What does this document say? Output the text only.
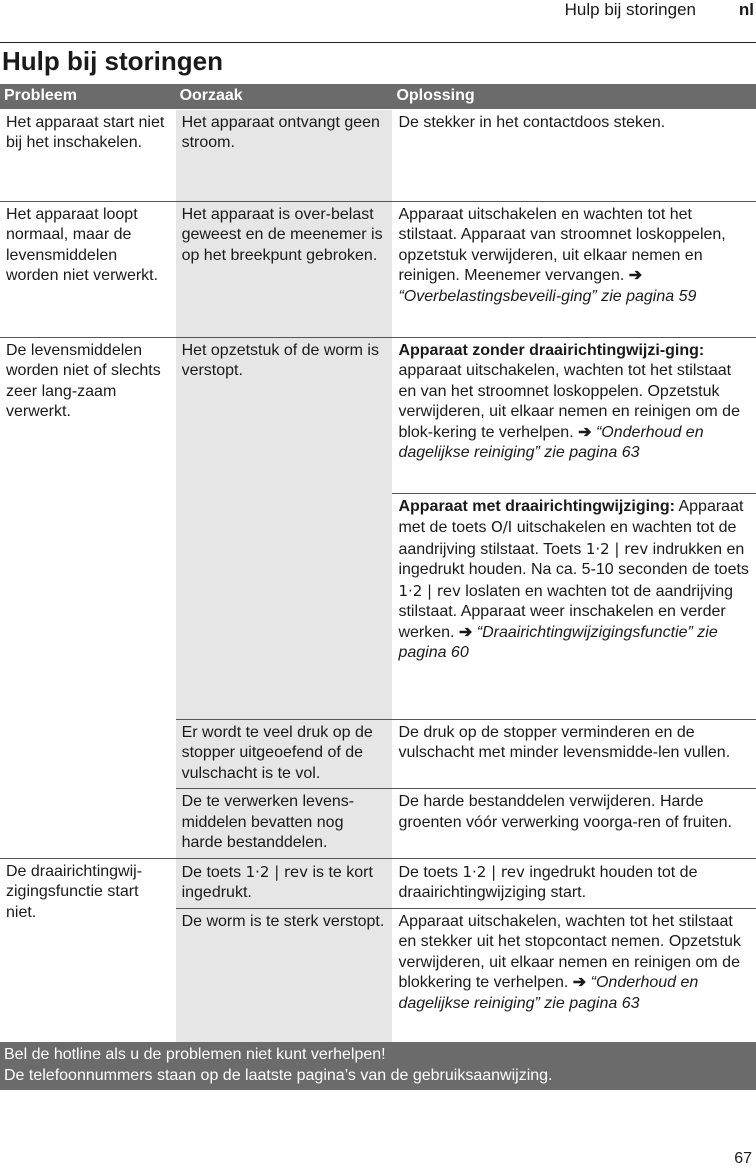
Hulp bij storingen	nl
Hulp bij storingen
Probleem	Oorzaak	Oplossing
Het apparaat start niet bij het inschakelen.	Het apparaat ontvangt geen stroom.	De stekker in het contactdoos steken.
Het apparaat loopt normaal, maar de levensmiddelen worden niet verwerkt.	Het apparaat is over-belast geweest en de meenemer is op het breekpunt gebroken.	Apparaat uitschakelen en wachten tot het stilstaat. Apparaat van stroomnet loskoppelen, opzetstuk verwijderen, uit elkaar nemen en reinigen. Meenemer vervangen. ➔ “Overbelastingsbeveili-ging” zie pagina 59
De levensmiddelen worden niet of slechts zeer lang-zaam verwerkt.	Het opzetstuk of de worm is verstopt.	Apparaat zonder draairichtingwijzi-ging: apparaat uitschakelen, wachten tot het stilstaat en van het stroomnet loskoppelen. Opzetstuk verwijderen, uit elkaar nemen en reinigen om de blok-kering te verhelpen. ➔ “Onderhoud en dagelijkse reiniging” zie pagina 63
		Apparaat met draairichtingwijziging: Apparaat met de toets O/I uitschakelen en wachten tot de aandrijving stilstaat. Toets 1·2 | rev indrukken en ingedrukt houden. Na ca. 5-10 seconden de toets 1·2 | rev loslaten en wachten tot de aandrijving stilstaat. Apparaat weer inschakelen en verder werken. ➔ “Draairichtingwijzigingsfunctie” zie pagina 60
	Er wordt te veel druk op de stopper uitgeoefend of de vulschacht is te vol.	De druk op de stopper verminderen en de vulschacht met minder levensmidde-len vullen.
	De te verwerken levens-middelen bevatten nog harde bestanddelen.	De harde bestanddelen verwijderen. Harde groenten vóór verwerking voorga-ren of fruiten.
De draairichtingwij-zigingsfunctie start niet.	De toets 1·2 | rev is te kort ingedrukt.	De toets 1·2 | rev ingedrukt houden tot de draairichtingwijziging start.
	De worm is te sterk verstopt.	Apparaat uitschakelen, wachten tot het stilstaat en stekker uit het stopcontact nemen. Opzetstuk verwijderen, uit elkaar nemen en reinigen om de blokkering te verhelpen. ➔ “Onderhoud en dagelijkse reiniging” zie pagina 63

Bel de hotline als u de problemen niet kunt verhelpen!
De telefoonnummers staan op de laatste pagina’s van de gebruiksaanwijzing.		
67
